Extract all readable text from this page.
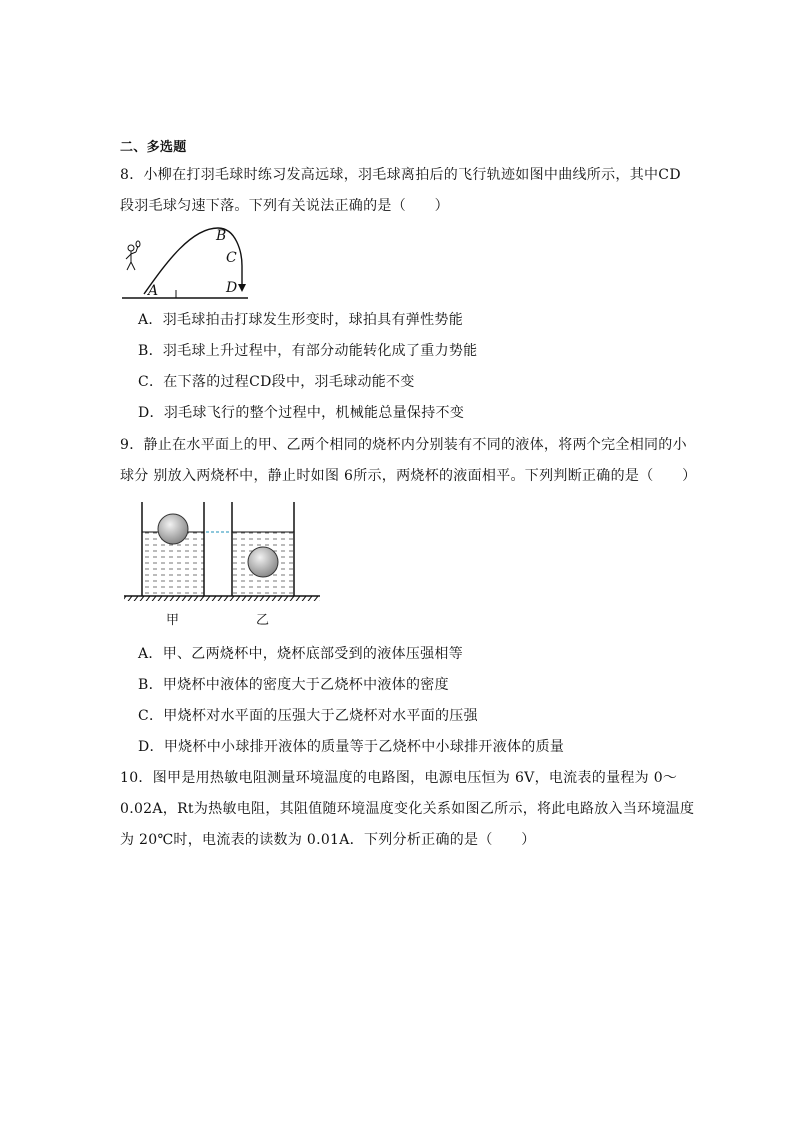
二、多选题
8．小柳在打羽毛球时练习发高远球，羽毛球离拍后的飞行轨迹如图中曲线所示，其中CD
段羽毛球匀速下落。下列有关说法正确的是（　　）
A
B
C
D
A．羽毛球拍击打球发生形变时，球拍具有弹性势能
B．羽毛球上升过程中，有部分动能转化成了重力势能
C．在下落的过程CD段中，羽毛球动能不变
D．羽毛球飞行的整个过程中，机械能总量保持不变
9．静止在水平面上的甲、乙两个相同的烧杯内分别装有不同的液体，将两个完全相同的小
球分 别放入两烧杯中，静止时如图 6所示，两烧杯的液面相平。下列判断正确的是（　　）
甲	乙
A．甲、乙两烧杯中，烧杯底部受到的液体压强相等
B．甲烧杯中液体的密度大于乙烧杯中液体的密度
C．甲烧杯对水平面的压强大于乙烧杯对水平面的压强
D．甲烧杯中小球排开液体的质量等于乙烧杯中小球排开液体的质量
10．图甲是用热敏电阻测量环境温度的电路图，电源电压恒为 6V，电流表的量程为 0～
0.02A，Rt为热敏电阻，其阻值随环境温度变化关系如图乙所示，将此电路放入当环境温度
为 20℃时，电流表的读数为 0.01A．下列分析正确的是（　　）
